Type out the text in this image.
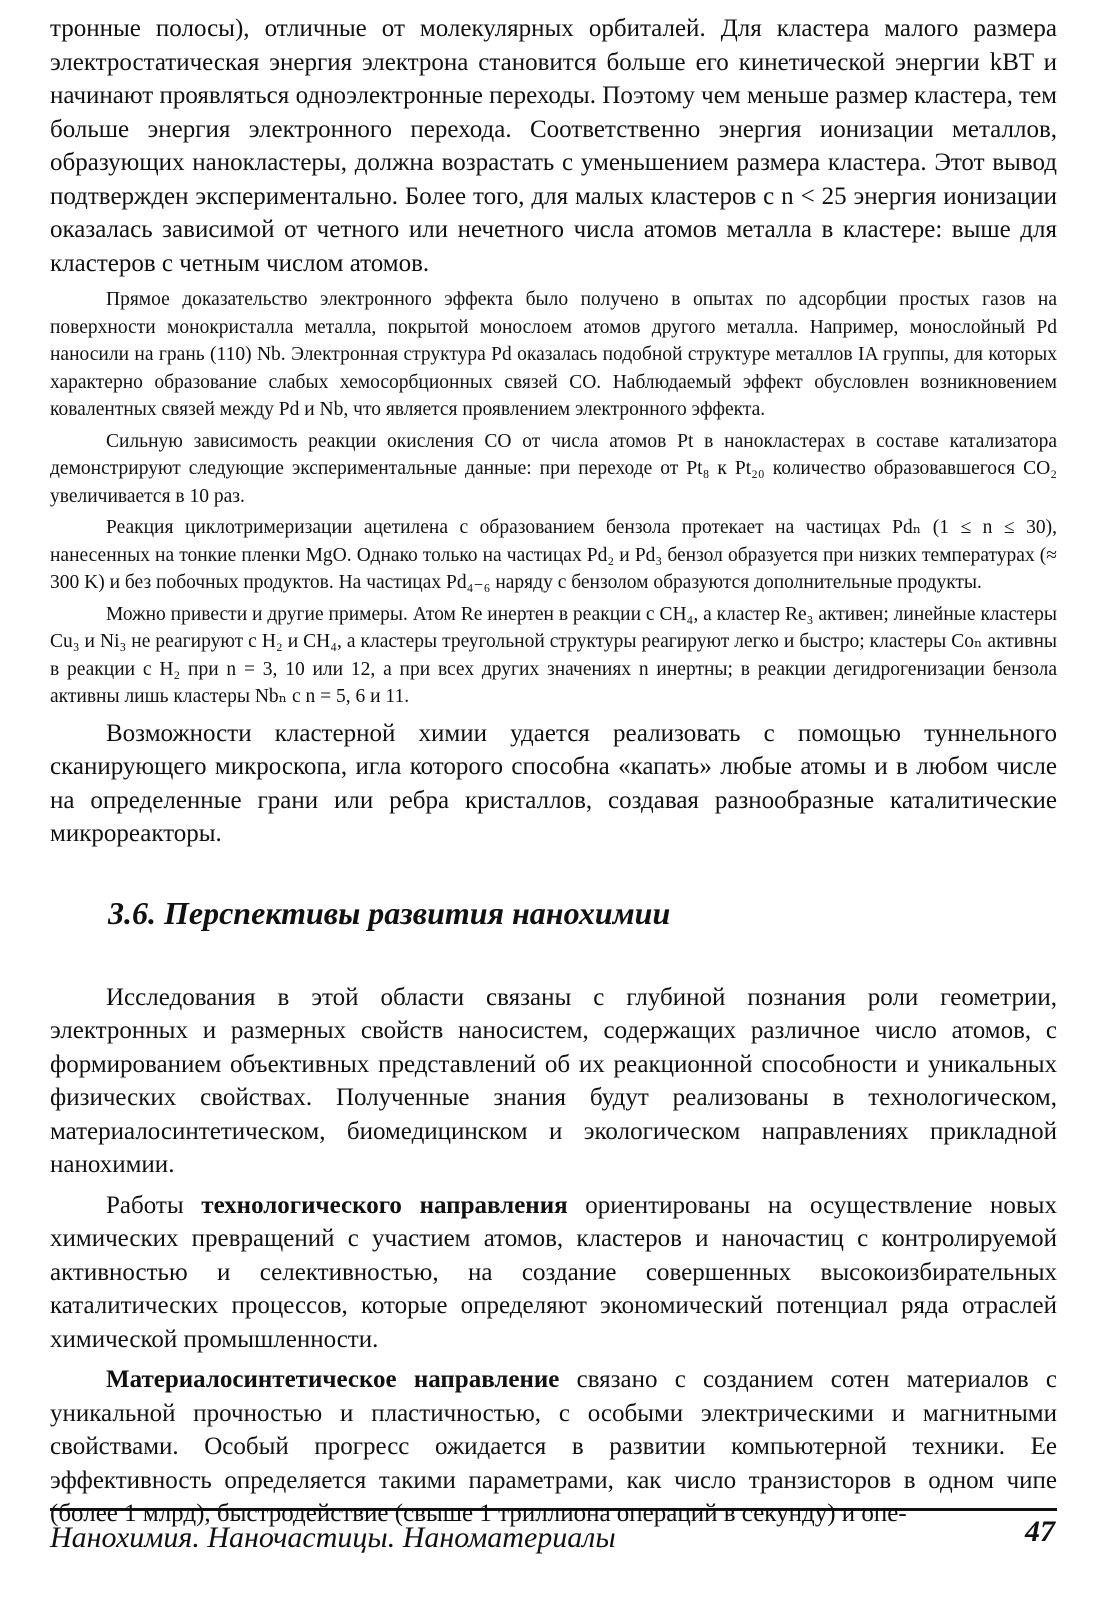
тронные полосы), отличные от молекулярных орбиталей. Для кластера малого размера электростатическая энергия электрона становится больше его кинетической энергии kBT и начинают проявляться одноэлектронные переходы. Поэтому чем меньше размер кластера, тем больше энергия электронного перехода. Соответственно энергия ионизации металлов, образующих нанокластеры, должна возрастать с уменьшением размера кластера. Этот вывод подтвержден экспериментально. Более того, для малых кластеров с n < 25 энергия ионизации оказалась зависимой от четного или нечетного числа атомов металла в кластере: выше для кластеров с четным числом атомов.

Прямое доказательство электронного эффекта было получено в опытах по адсорбции простых газов на поверхности монокристалла металла, покрытой монослоем атомов другого металла. Например, монослойный Pd наносили на грань (110) Nb. Электронная структура Pd оказалась подобной структуре металлов IA группы, для которых характерно образование слабых хемосорбционных связей CO. Наблюдаемый эффект обусловлен возникновением ковалентных связей между Pd и Nb, что является проявлением электронного эффекта.

Сильную зависимость реакции окисления CO от числа атомов Pt в нанокластерах в составе катализатора демонстрируют следующие экспериментальные данные: при переходе от Pt₈ к Pt₂₀ количество образовавшегося CO₂ увеличивается в 10 раз.

Реакция циклотримеризации ацетилена с образованием бензола протекает на частицах Pdₙ (1 ≤ n ≤ 30), нанесенных на тонкие пленки MgO. Однако только на частицах Pd₂ и Pd₃ бензол образуется при низких температурах (≈ 300 K) и без побочных продуктов. На частицах Pd₄₋₆ наряду с бензолом образуются дополнительные продукты.

Можно привести и другие примеры. Атом Re инертен в реакции с CH₄, а кластер Re₃ активен; линейные кластеры Cu₃ и Ni₃ не реагируют с H₂ и CH₄, а кластеры треугольной структуры реагируют легко и быстро; кластеры Coₙ активны в реакции с H₂ при n = 3, 10 или 12, а при всех других значениях n инертны; в реакции дегидрогенизации бензола активны лишь кластеры Nbₙ с n = 5, 6 и 11.

Возможности кластерной химии удается реализовать с помощью туннельного сканирующего микроскопа, игла которого способна «капать» любые атомы и в любом числе на определенные грани или ребра кристаллов, создавая разнообразные каталитические микрореакторы.

3.6. Перспективы развития нанохимии

Исследования в этой области связаны с глубиной познания роли геометрии, электронных и размерных свойств наносистем, содержащих различное число атомов, с формированием объективных представлений об их реакционной способности и уникальных физических свойствах. Полученные знания будут реализованы в технологическом, материалосинтетическом, биомедицинском и экологическом направлениях прикладной нанохимии.

Работы технологического направления ориентированы на осуществление новых химических превращений с участием атомов, кластеров и наночастиц с контролируемой активностью и селективностью, на создание совершенных высокоизбирательных каталитических процессов, которые определяют экономический потенциал ряда отраслей химической промышленности.

Материалосинтетическое направление связано с созданием сотен материалов с уникальной прочностью и пластичностью, с особыми электрическими и магнитными свойствами. Особый прогресс ожидается в развитии компьютерной техники. Ее эффективность определяется такими параметрами, как число транзисторов в одном чипе (более 1 млрд), быстродействие (свыше 1 триллиона операций в секунду) и опе-

Нанохимия. Наночастицы. Наноматериалы	47
